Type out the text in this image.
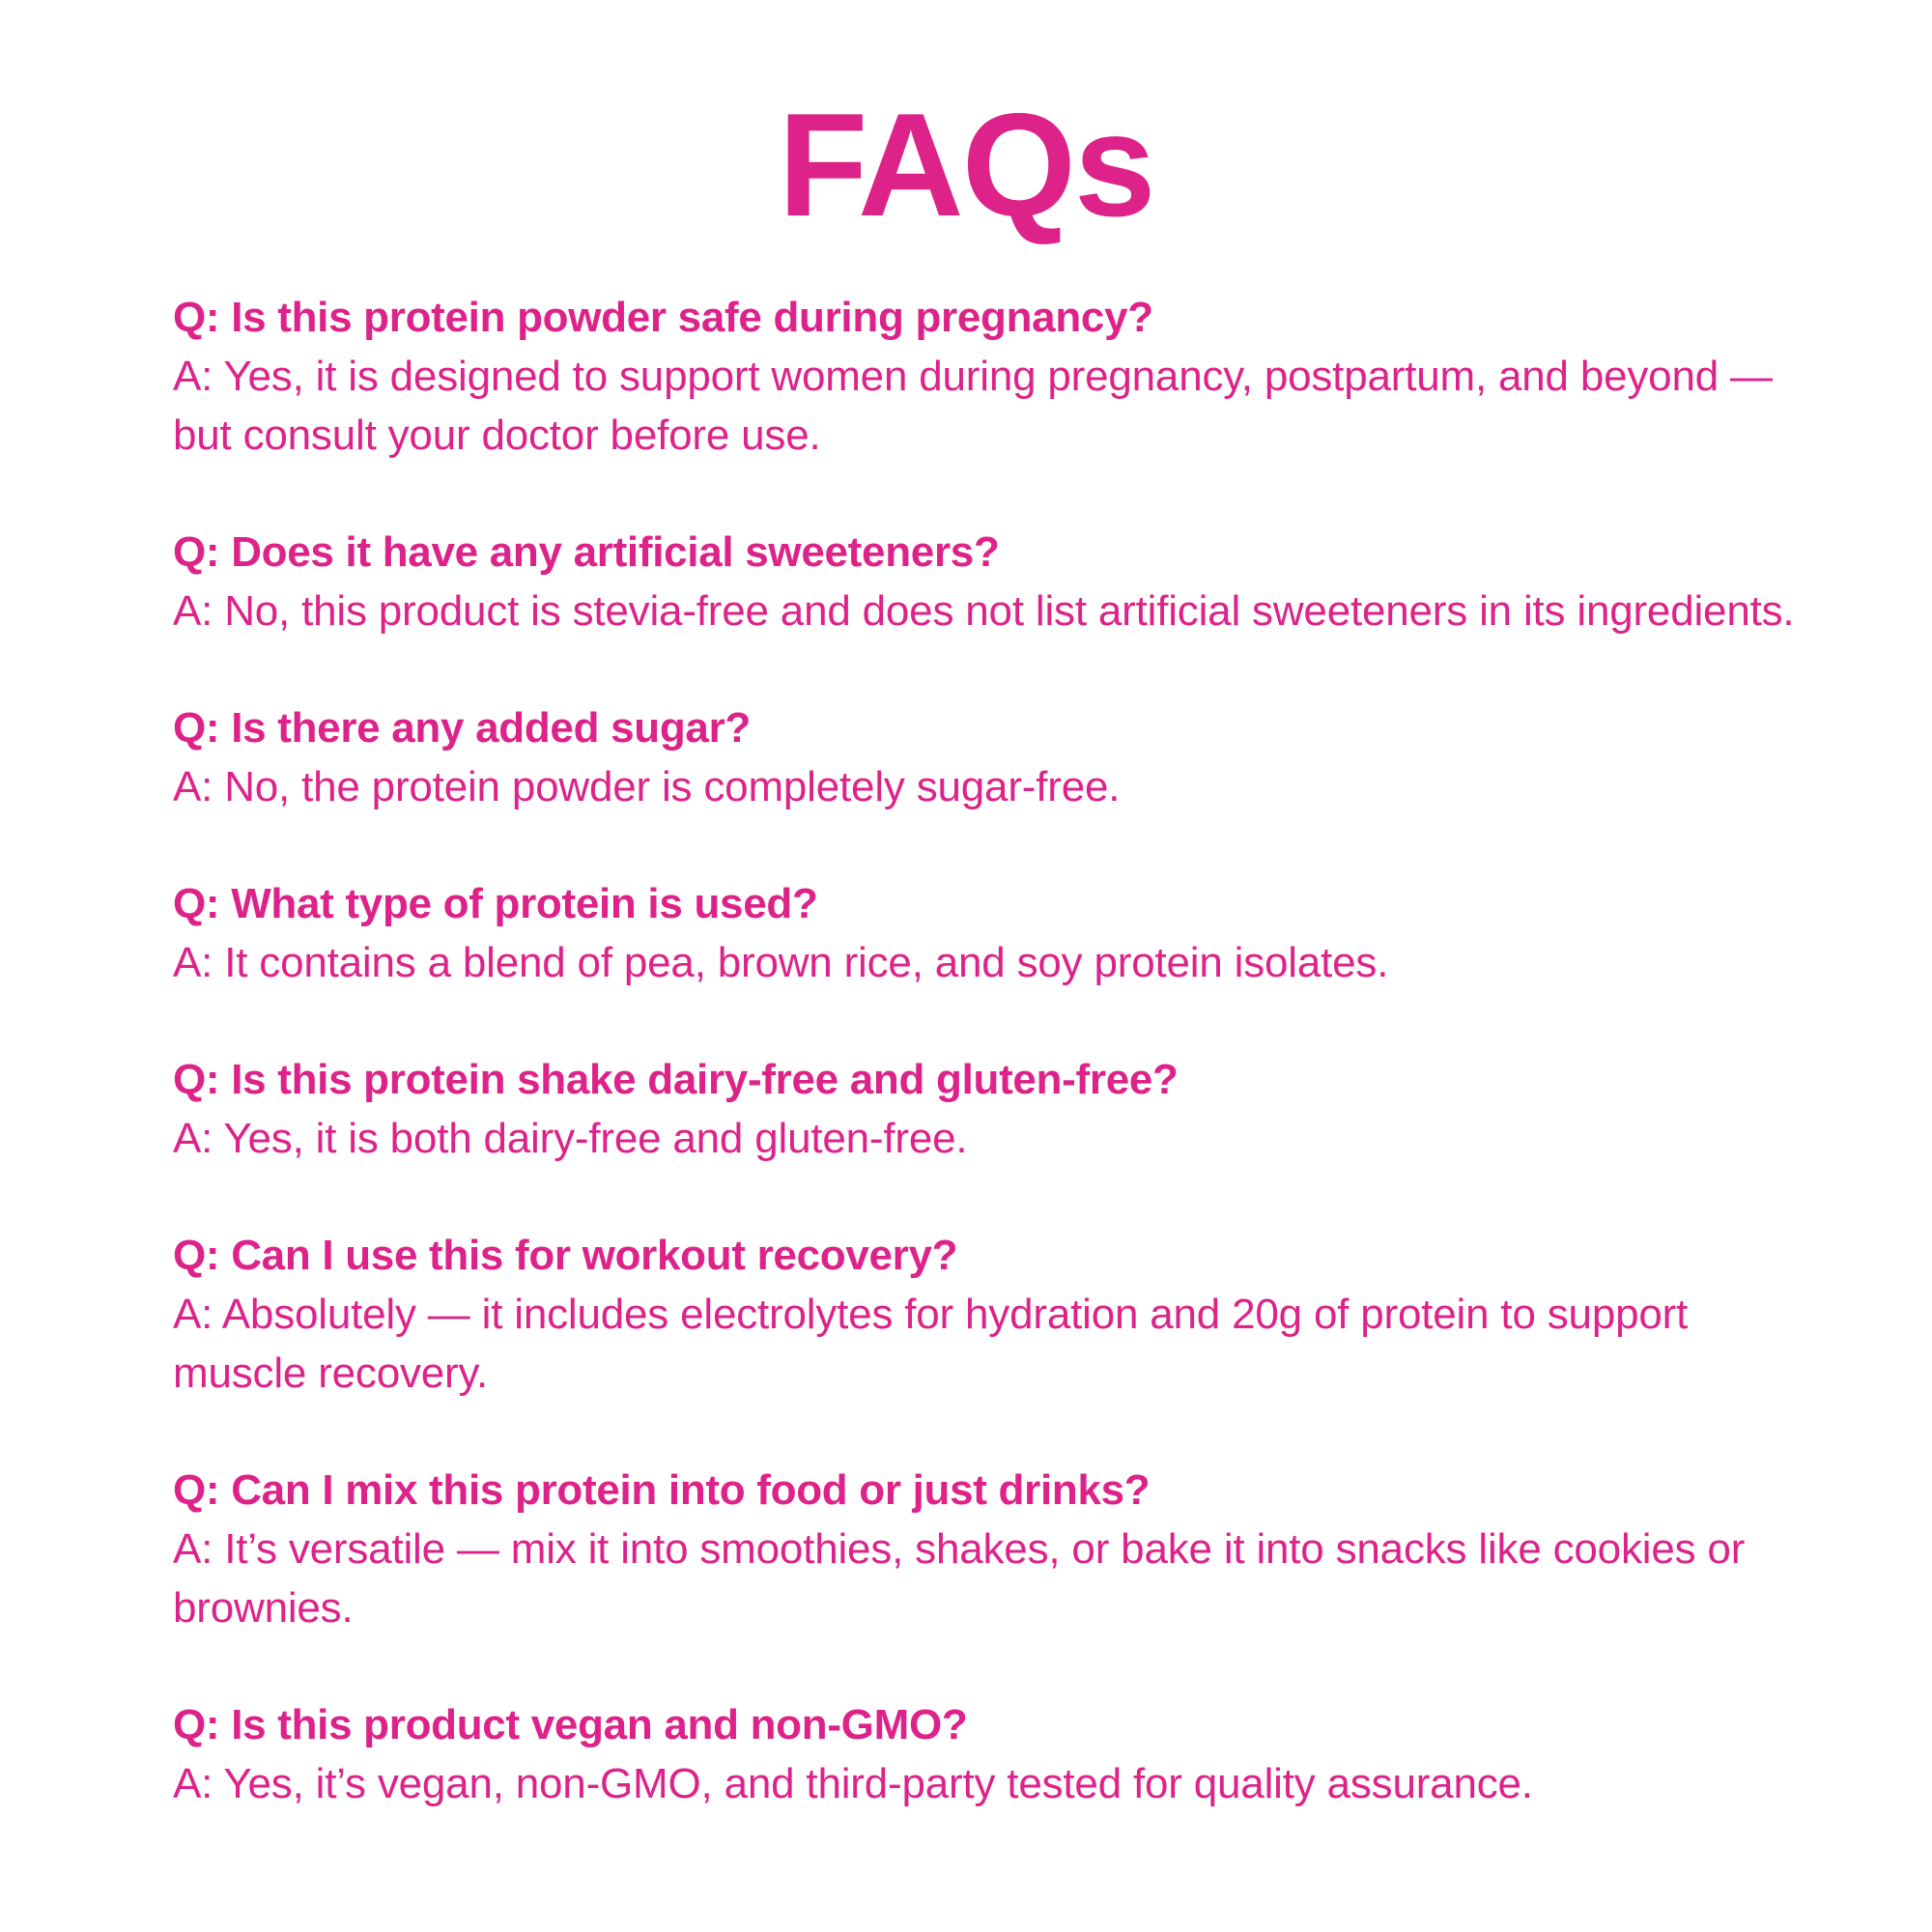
FAQs

Q: Is this protein powder safe during pregnancy?

A: Yes, it is designed to support women during pregnancy, postpartum, and beyond — but consult your doctor before use.

Q: Does it have any artificial sweeteners?

A: No, this product is stevia-free and does not list artificial sweeteners in its ingredients.

Q: Is there any added sugar?

A: No, the protein powder is completely sugar-free.

Q: What type of protein is used?

A: It contains a blend of pea, brown rice, and soy protein isolates.

Q: Is this protein shake dairy-free and gluten-free?

A: Yes, it is both dairy-free and gluten-free.

Q: Can I use this for workout recovery?

A: Absolutely — it includes electrolytes for hydration and 20g of protein to support muscle recovery.

Q: Can I mix this protein into food or just drinks?

A: It’s versatile — mix it into smoothies, shakes, or bake it into snacks like cookies or brownies.

Q: Is this product vegan and non-GMO?

A: Yes, it’s vegan, non-GMO, and third-party tested for quality assurance.
